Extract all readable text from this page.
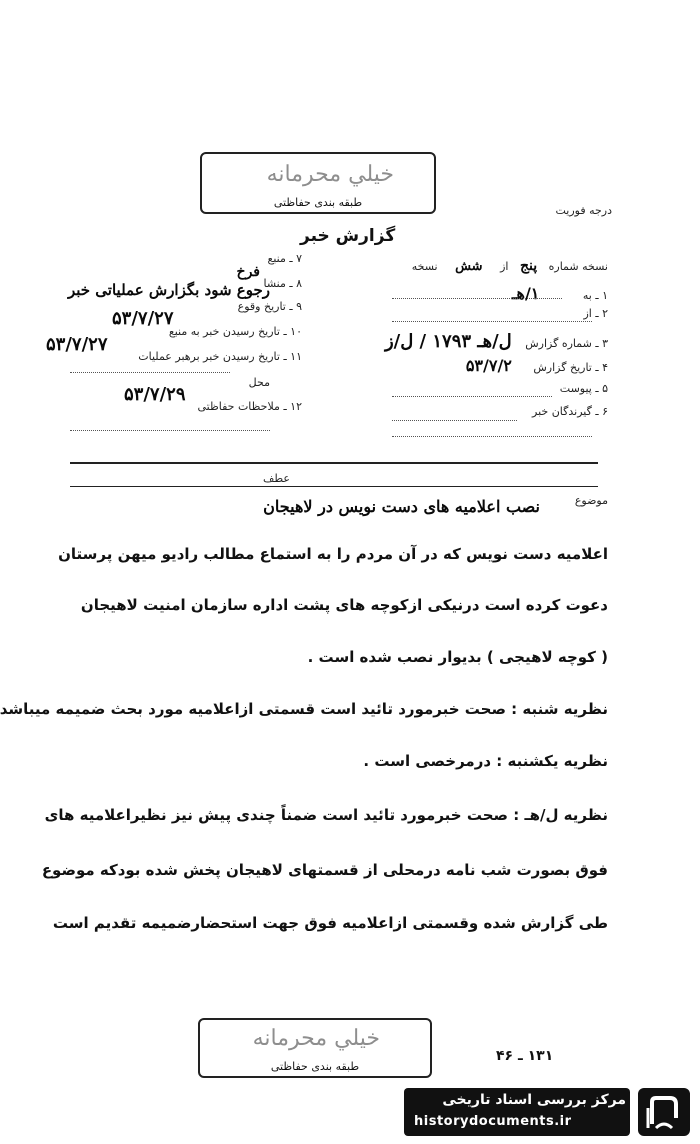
خيلي محرمانه
طبقه بندی حفاظتی
درجه فوریت
گزارش خبر
نسخه شماره پنج از شش نسخه
۱ ـ به ۱/هـ
۲ ـ از
۳ ـ شماره گزارش ل/هـ ۱۷۹۳ / ل/ز
۴ ـ تاریخ گزارش ۵۳/۷/۲
۵ ـ پیوست
۶ ـ گیرندگان خبر
۷ ـ منبع
فرخ
۸ ـ منشا
رجوع شود بگزارش عملیاتی خبر
۹ ـ تاریخ وقوع
۵۳/۷/۲۷
۱۰ ـ تاریخ رسیدن خبر به منبع
۵۳/۷/۲۷
۱۱ ـ تاریخ رسیدن خبر برهبر عملیات
محل
۵۳/۷/۲۹
۱۲ ـ ملاحظات حفاظتی
عطف
موضوع
نصب اعلامیه های دست نویس در لاهیجان
اعلامیه دست نویس که در آن مردم را به استماع مطالب رادیو میهن پرستان
دعوت کرده است درنیکی ازکوچه های پشت اداره سازمان امنیت لاهیجان
( کوچه لاهیجی ) بدیوار نصب شده است .
نظریه شنبه : صحت خبرمورد تائید است قسمتی ازاعلامیه مورد بحث ضمیمه میباشد
نظریه یکشنبه : درمرخصی است .
نظریه ل/هـ : صحت خبرمورد تائید است ضمناً چندی پیش نیز نظیراعلامیه های
فوق بصورت شب نامه درمحلی از قسمتهای لاهیجان پخش شده بودکه موضوع
طی گزارش شده وقسمتی ازاعلامیه فوق جهت استحضارضمیمه تقدیم است
خيلي محرمانه
طبقه بندی حفاظتی
۱۳۱ ـ ۴۶
مرکز بررسی اسناد تاریخی
historydocuments.ir
